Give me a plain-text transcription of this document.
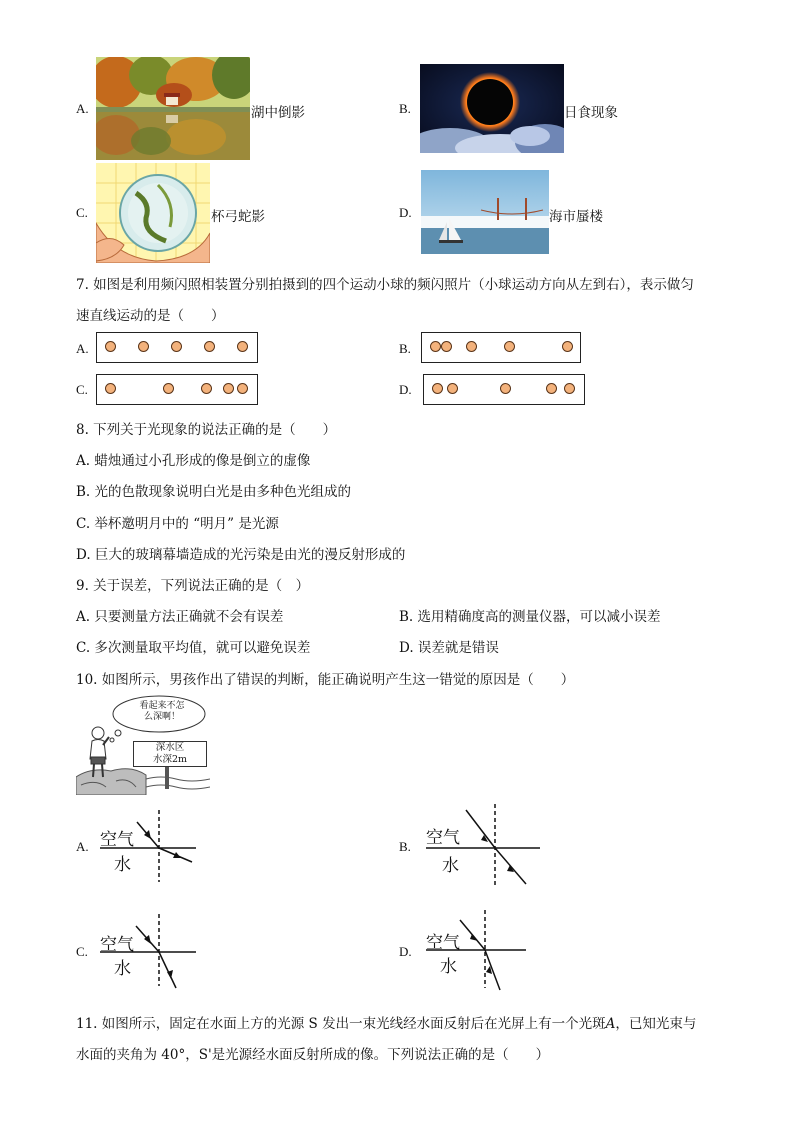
A.	湖中倒影	B.	日食现象
C.	杯弓蛇影	D.	海市蜃楼
7. 如图是利用频闪照相装置分别拍摄到的四个运动小球的频闪照片（小球运动方向从左到右），表示做匀
速直线运动的是（　　）
A.	B.
C.	D.
8. 下列关于光现象的说法正确的是（　　）
A. 蜡烛通过小孔形成的像是倒立的虚像
B. 光的色散现象说明白光是由多种色光组成的
C. 举杯邀明月中的 “明月” 是光源
D. 巨大的玻璃幕墙造成的光污染是由光的漫反射形成的
9. 关于误差，下列说法正确的是（　）
A. 只要测量方法正确就不会有误差	B. 选用精确度高的测量仪器，可以减小误差
C. 多次测量取平均值，就可以避免误差	D. 误差就是错误
10. 如图所示，男孩作出了错误的判断，能正确说明产生这一错觉的原因是（　　）
看起来不怎
么深啊！
深水区
水深2m
A. 空气
水
B. 空气
水
C. 空气
水
D. 空气
水
11. 如图所示，固定在水面上方的光源 S 发出一束光线经水面反射后在光屏上有一个光斑A，已知光束与
水面的夹角为 40°，S'是光源经水面反射所成的像。下列说法正确的是（　　）
